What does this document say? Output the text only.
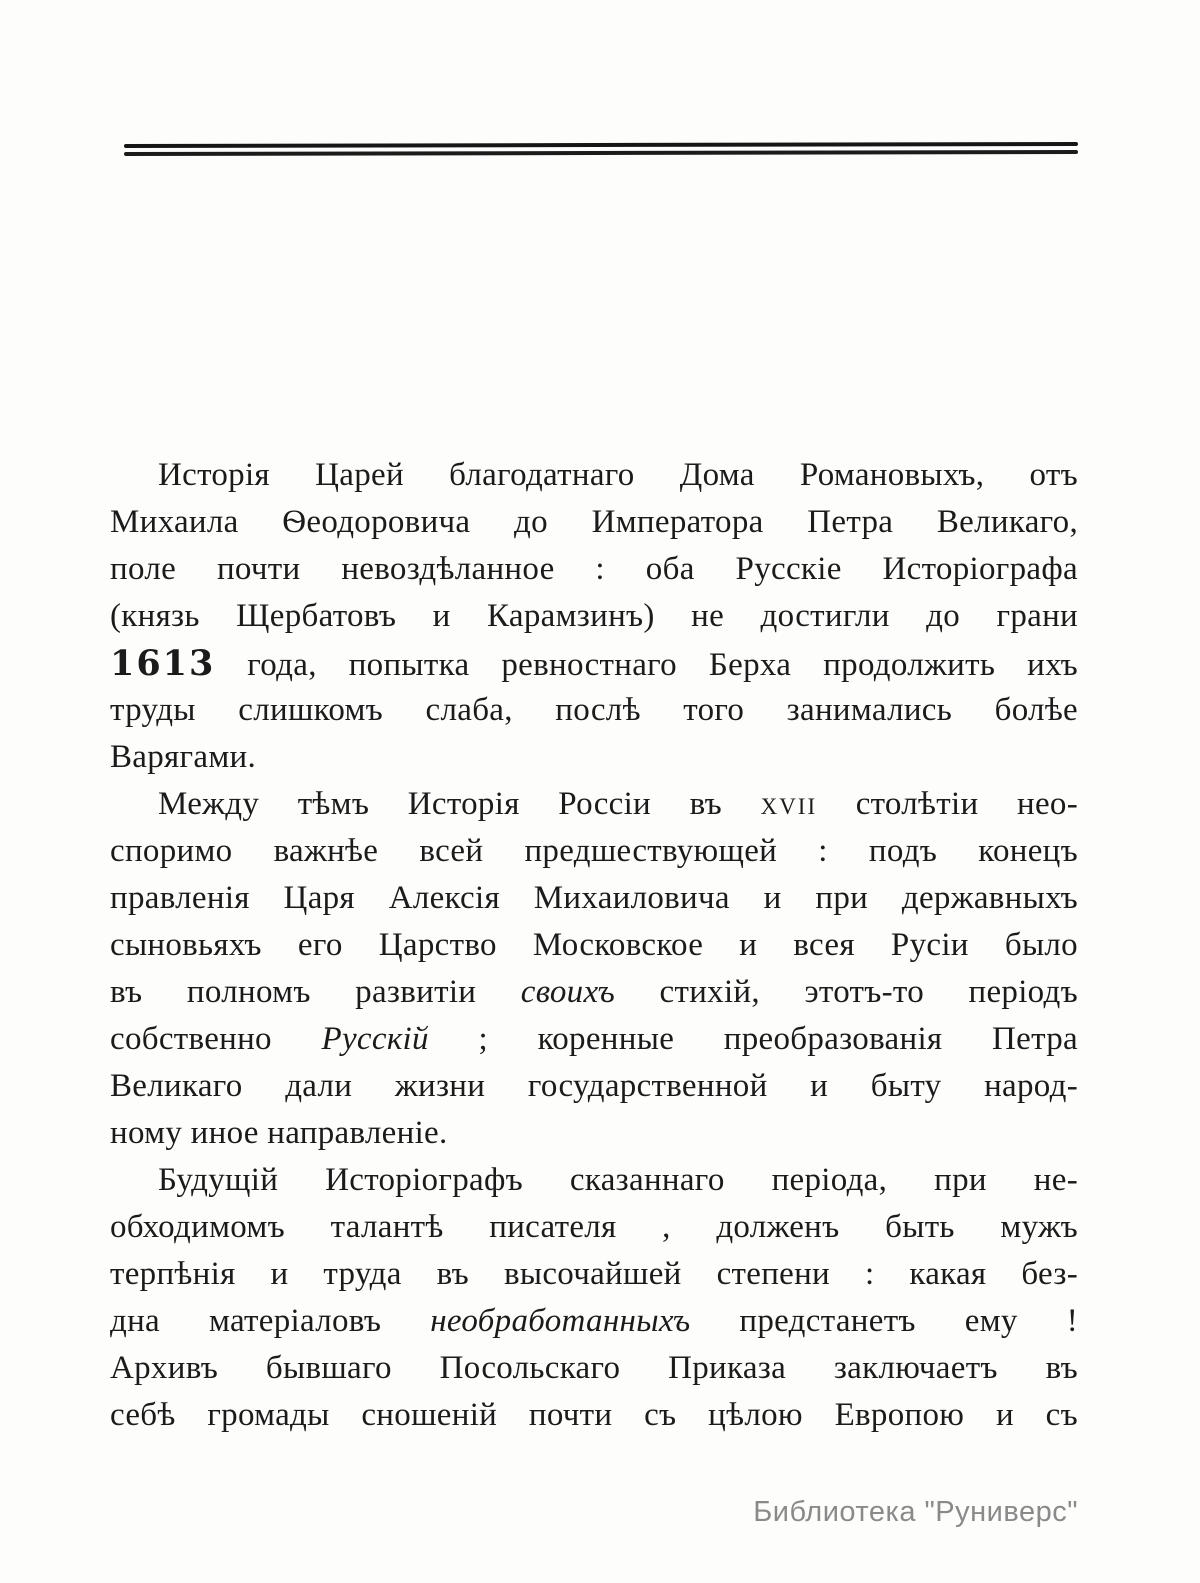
Исторія Царей благодатнаго Дома Романовыхъ, отъ
Михаила Ѳеодоровича до Императора Петра Великаго,
поле почти невоздѣланное : оба Русскіе Исторіографа
(князь Щербатовъ и Карамзинъ) не достигли до грани
1613 года, попытка ревностнаго Берха продолжить ихъ
труды слишкомъ слаба, послѣ того занимались болѣе
Варягами.
Между тѣмъ Исторія Россіи въ xvii столѣтіи нео-
споримо важнѣе всей предшествующей : подъ конецъ
правленія Царя Алексія Михаиловича и при державныхъ
сыновьяхъ его Царство Московское и всея Русіи было
въ полномъ развитіи своихъ стихій, этотъ-то періодъ
собственно Русскій ; коренные преобразованія Петра
Великаго дали жизни государственной и быту народ-
ному иное направленіе.
Будущій Исторіографъ сказаннаго періода, при не-
обходимомъ талантѣ писателя , долженъ быть мужъ
терпѣнія и труда въ высочайшей степени : какая без-
дна матеріаловъ необработанныхъ предстанетъ ему !
Архивъ бывшаго Посольскаго Приказа заключаетъ въ
себѣ громады сношеній почти съ цѣлою Европою и съ
Библиотека "Руниверс"
